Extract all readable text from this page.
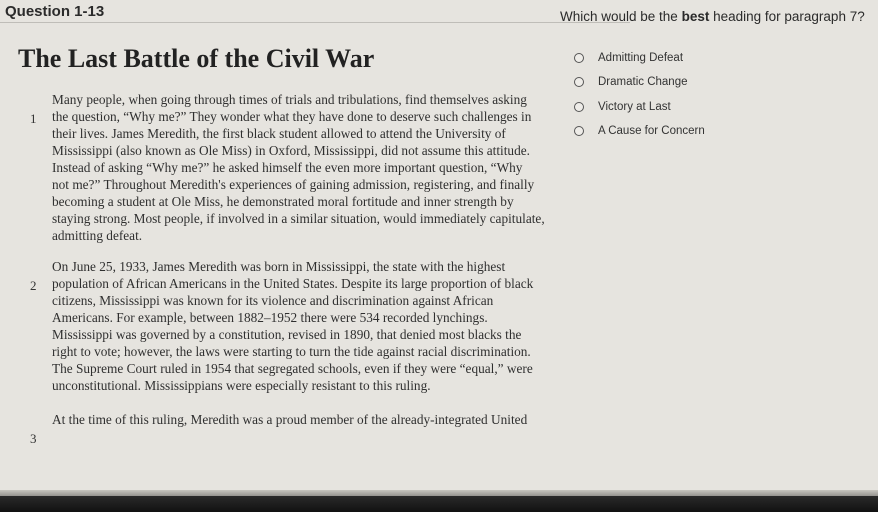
Question 1-13
The Last Battle of the Civil War
1
2
3
Many people, when going through times of trials and tribulations, find themselves asking
the question, “Why me?” They wonder what they have done to deserve such challenges in
their lives. James Meredith, the first black student allowed to attend the University of
Mississippi (also known as Ole Miss) in Oxford, Mississippi, did not assume this attitude.
Instead of asking “Why me?” he asked himself the even more important question, “Why
not me?” Throughout Meredith's experiences of gaining admission, registering, and finally
becoming a student at Ole Miss, he demonstrated moral fortitude and inner strength by
staying strong. Most people, if involved in a similar situation, would immediately capitulate,
admitting defeat.
On June 25, 1933, James Meredith was born in Mississippi, the state with the highest
population of African Americans in the United States. Despite its large proportion of black
citizens, Mississippi was known for its violence and discrimination against African
Americans. For example, between 1882–1952 there were 534 recorded lynchings.
Mississippi was governed by a constitution, revised in 1890, that denied most blacks the
right to vote; however, the laws were starting to turn the tide against racial discrimination.
The Supreme Court ruled in 1954 that segregated schools, even if they were “equal,” were
unconstitutional. Mississippians were especially resistant to this ruling.
At the time of this ruling, Meredith was a proud member of the already-integrated United
Which would be the best heading for paragraph 7?
Admitting Defeat
Dramatic Change
Victory at Last
A Cause for Concern
